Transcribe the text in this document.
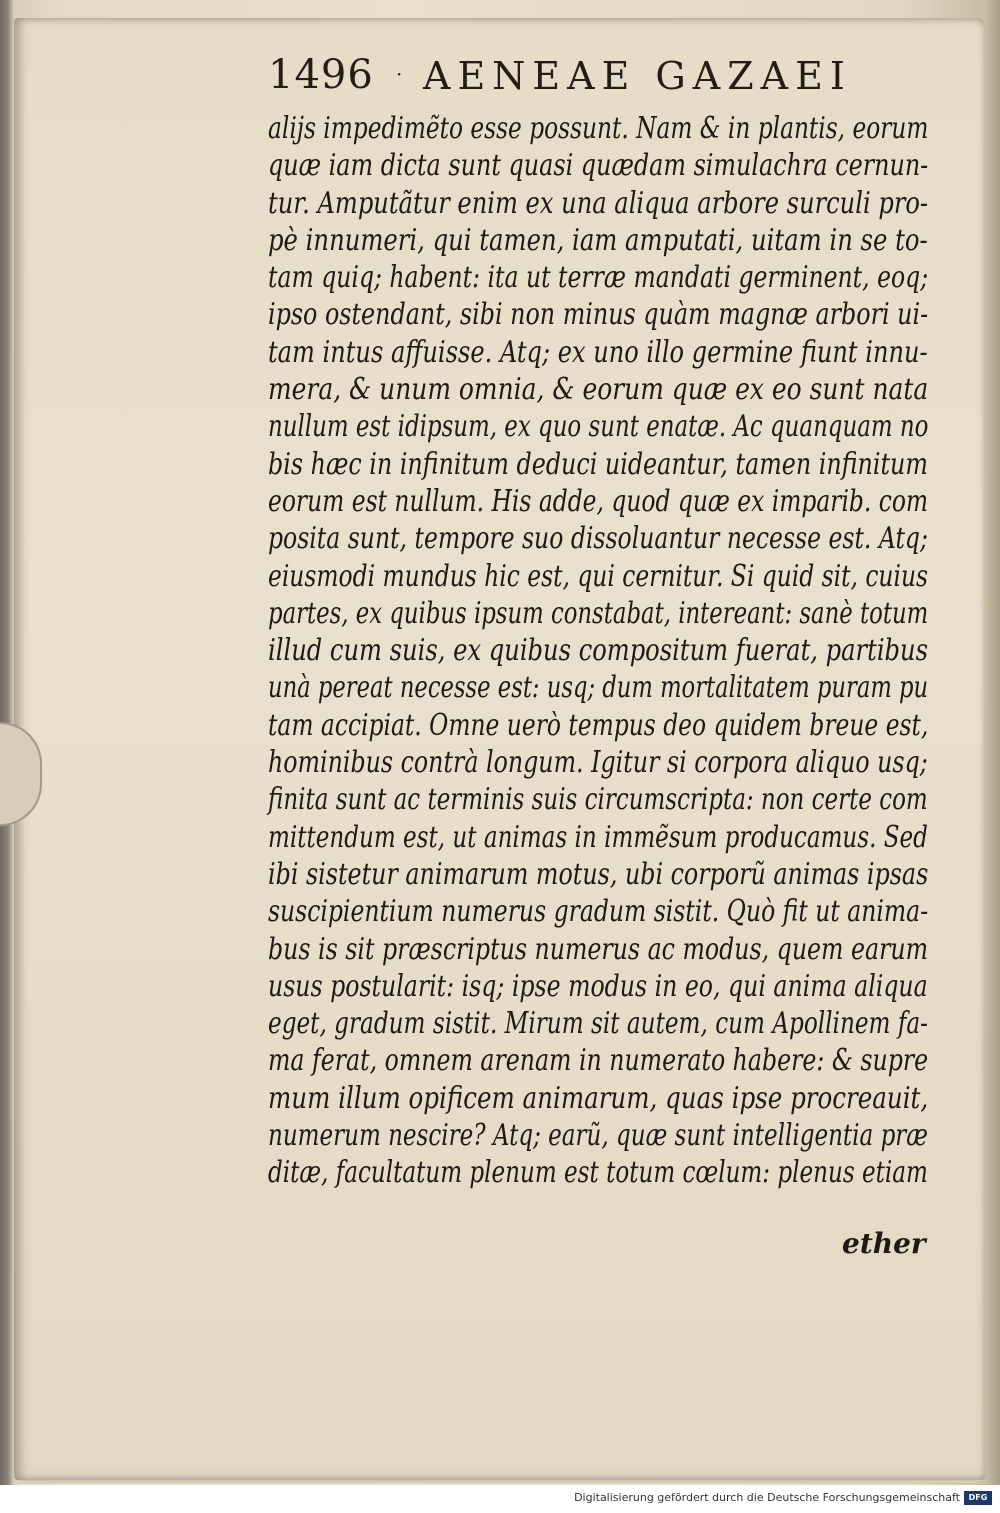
1496 · AENEAE GAZAEI
alijs impedimẽto esse possunt. Nam & in plantis, eorum
quæ iam dicta sunt quasi quædam simulachra cernun-
tur. Amputãtur enim ex una aliqua arbore surculi pro-
pè innumeri, qui tamen, iam amputati, uitam in se to-
tam quiq; habent: ita ut terræ mandati germinent, eoq;
ipso ostendant, sibi non minus quàm magnæ arbori ui-
tam intus affuisse. Atq; ex uno illo germine fiunt innu-
mera, & unum omnia, & eorum quæ ex eo sunt nata
nullum est idipsum, ex quo sunt enatæ. Ac quanquam no
bis hæc in infinitum deduci uideantur, tamen infinitum
eorum est nullum. His adde, quod quæ ex imparib. com
posita sunt, tempore suo dissoluantur necesse est. Atq;
eiusmodi mundus hic est, qui cernitur. Si quid sit, cuius
partes, ex quibus ipsum constabat, intereant: sanè totum
illud cum suis, ex quibus compositum fuerat, partibus
unà pereat necesse est: usq; dum mortalitatem puram pu
tam accipiat. Omne uerò tempus deo quidem breue est,
hominibus contrà longum. Igitur si corpora aliquo usq;
finita sunt ac terminis suis circumscripta: non certe com
mittendum est, ut animas in immẽsum producamus. Sed
ibi sistetur animarum motus, ubi corporũ animas ipsas
suscipientium numerus gradum sistit. Quò fit ut anima-
bus is sit præscriptus numerus ac modus, quem earum
usus postularit: isq; ipse modus in eo, qui anima aliqua
eget, gradum sistit. Mirum sit autem, cum Apollinem fa-
ma ferat, omnem arenam in numerato habere: & supre
mum illum opificem animarum, quas ipse procreauit,
numerum nescire? Atq; earũ, quæ sunt intelligentia præ
ditæ, facultatum plenum est totum cœlum: plenus etiam
ether
Digitalisierung gefördert durch die Deutsche Forschungsgemeinschaft	DFG
